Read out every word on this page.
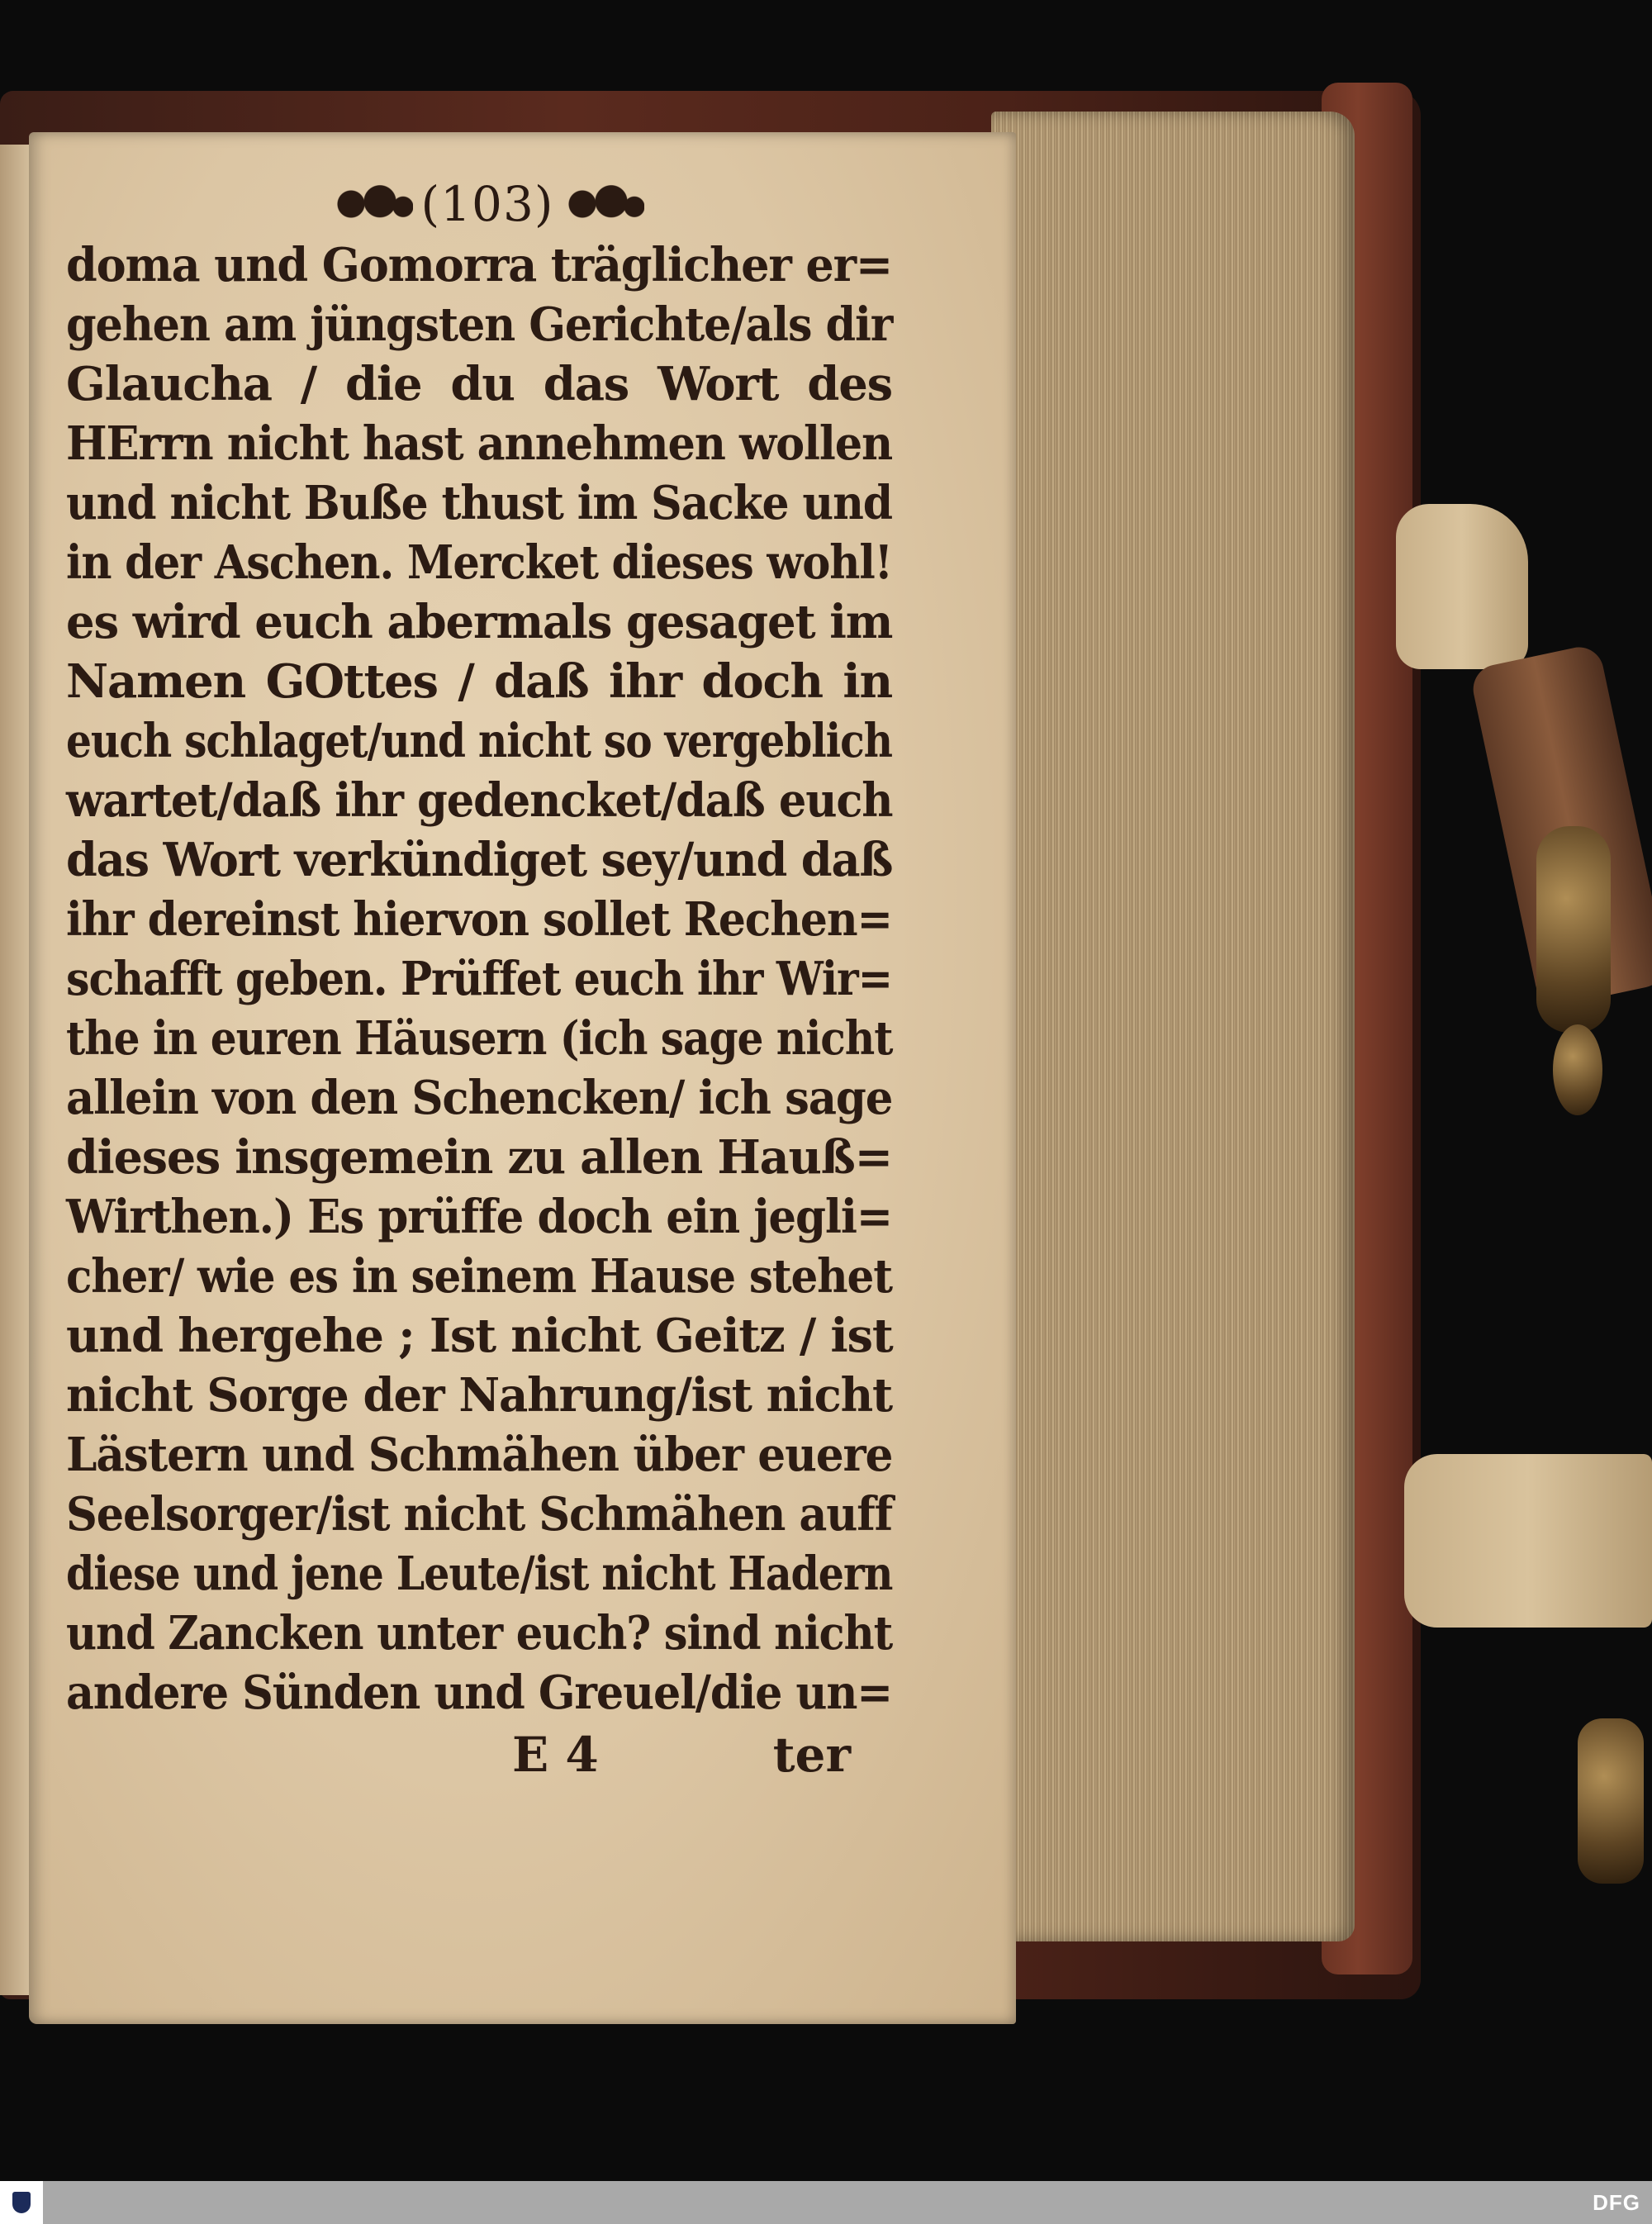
(103)
doma und Gomorra träglicher er=
gehen am jüngsten Gerichte/als dir
Glaucha / die du das Wort des
HErrn nicht hast annehmen wollen
und nicht Buße thust im Sacke und
in der Aschen. Mercket dieses wohl!
es wird euch abermals gesaget im
Namen GOttes / daß ihr doch in
euch schlaget/und nicht so vergeblich
wartet/daß ihr gedencket/daß euch
das Wort verkündiget sey/und daß
ihr dereinst hiervon sollet Rechen=
schafft geben. Prüffet euch ihr Wir=
the in euren Häusern (ich sage nicht
allein von den Schencken/ ich sage
dieses insgemein zu allen Hauß=
Wirthen.) Es prüffe doch ein jegli=
cher/ wie es in seinem Hause stehet
und hergehe ; Ist nicht Geitz / ist
nicht Sorge der Nahrung/ist nicht
Lästern und Schmähen über euere
Seelsorger/ist nicht Schmähen auff
diese und jene Leute/ist nicht Hadern
und Zancken unter euch? sind nicht
andere Sünden und Greuel/die un=
E 4	ter
DFG
